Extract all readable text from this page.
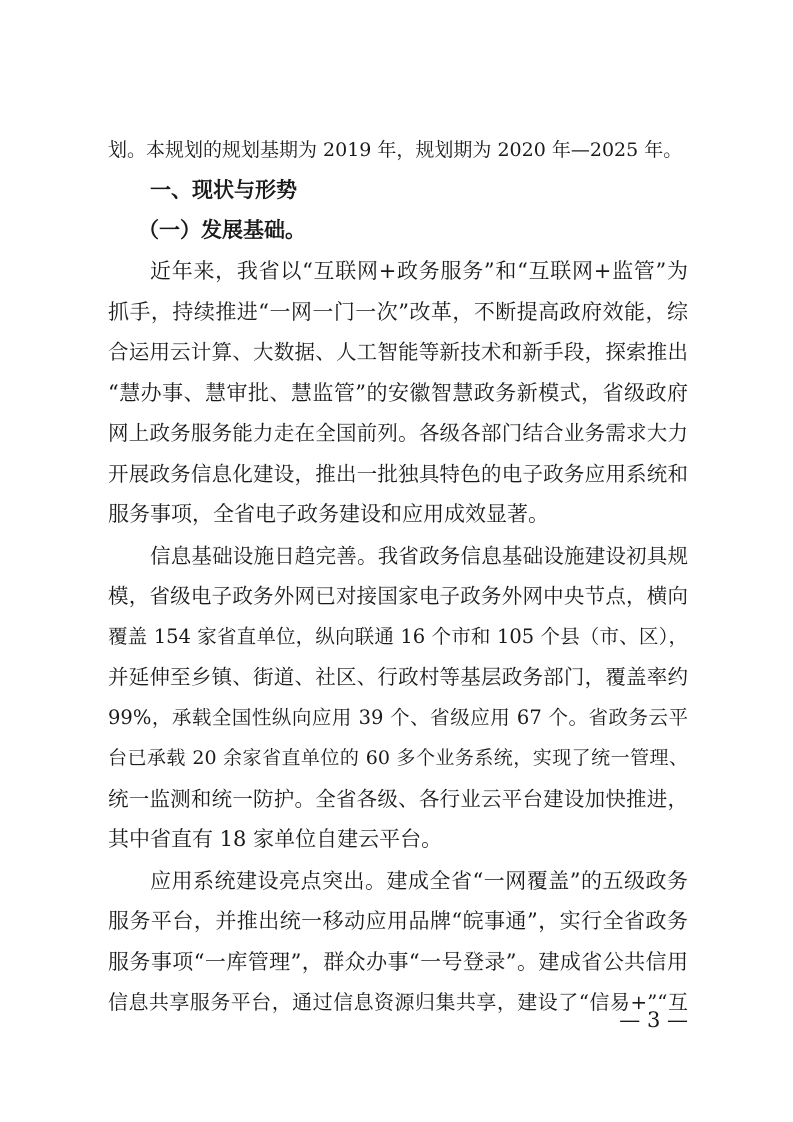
划。本规划的规划基期为 2019 年，规划期为 2020 年—2025 年。
一、现状与形势
（一）发展基础。
近年来，我省以“互联网+政务服务”和“互联网+监管”为
抓手，持续推进“一网一门一次”改革，不断提高政府效能，综
合运用云计算、大数据、人工智能等新技术和新手段，探索推出
“慧办事、慧审批、慧监管”的安徽智慧政务新模式，省级政府
网上政务服务能力走在全国前列。各级各部门结合业务需求大力
开展政务信息化建设，推出一批独具特色的电子政务应用系统和
服务事项，全省电子政务建设和应用成效显著。
信息基础设施日趋完善。我省政务信息基础设施建设初具规
模，省级电子政务外网已对接国家电子政务外网中央节点，横向
覆盖 154 家省直单位，纵向联通 16 个市和 105 个县（市、区），
并延伸至乡镇、街道、社区、行政村等基层政务部门，覆盖率约
99%，承载全国性纵向应用 39 个、省级应用 67 个。省政务云平
台已承载 20 余家省直单位的 60 多个业务系统，实现了统一管理、
统一监测和统一防护。全省各级、各行业云平台建设加快推进，
其中省直有 18 家单位自建云平台。
应用系统建设亮点突出。建成全省“一网覆盖”的五级政务
服务平台，并推出统一移动应用品牌“皖事通”，实行全省政务
服务事项“一库管理”，群众办事“一号登录”。建成省公共信用
信息共享服务平台，通过信息资源归集共享，建设了“信易+”“互
— 3 —
